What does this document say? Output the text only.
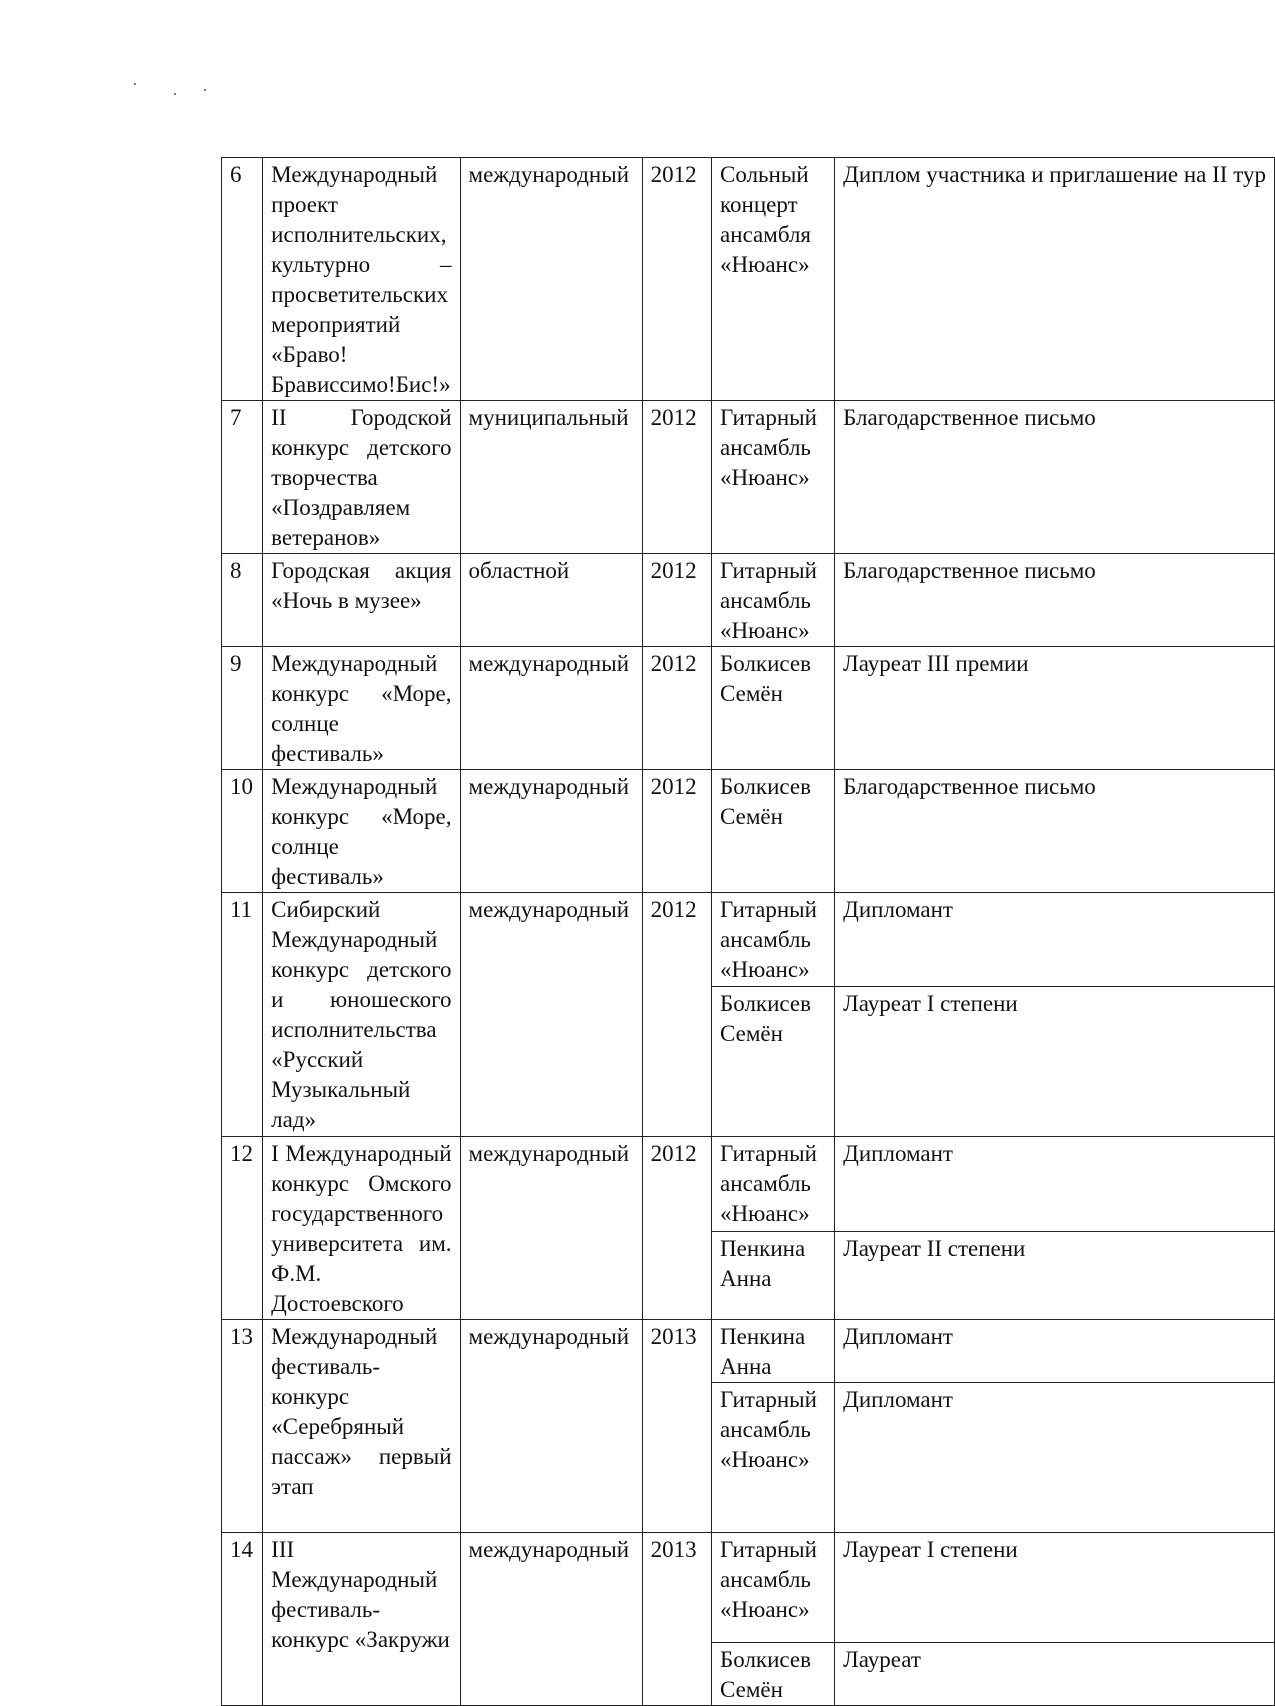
6	Международный проект исполнительских, культурно – просветительских мероприятий «Браво! Брависсимо!Бис!»	международный	2012	Сольный концерт ансамбля «Нюанс»	Диплом участника и приглашение на II тур
7	II Городской конкурс детского творчества «Поздравляем ветеранов»	муниципальный	2012	Гитарный ансамбль «Нюанс»	Благодарственное письмо
8	Городская акция «Ночь в музее»	областной	2012	Гитарный ансамбль «Нюанс»	Благодарственное письмо
9	Международный конкурс «Море, солнце фестиваль»	международный	2012	Болкисев Семён	Лауреат III премии
10	Международный конкурс «Море, солнце фестиваль»	международный	2012	Болкисев Семён	Благодарственное письмо
11	Сибирский Международный конкурс детского и юношеского исполнительства «Русский Музыкальный лад»	международный	2012	Гитарный ансамбль «Нюанс»	Дипломант
				Болкисев Семён	Лауреат I степени
12	I Международный конкурс Омского государственного университета им. Ф.М. Достоевского	международный	2012	Гитарный ансамбль «Нюанс»	Дипломант
				Пенкина Анна	Лауреат II степени
13	Международный фестиваль-конкурс «Серебряный пассаж» первый этап	международный	2013	Пенкина Анна	Дипломант
				Гитарный ансамбль «Нюанс»	Дипломант
14	III Международный фестиваль-конкурс «Закружи	международный	2013	Гитарный ансамбль «Нюанс»	Лауреат I степени
				Болкисев Семён	Лауреат
